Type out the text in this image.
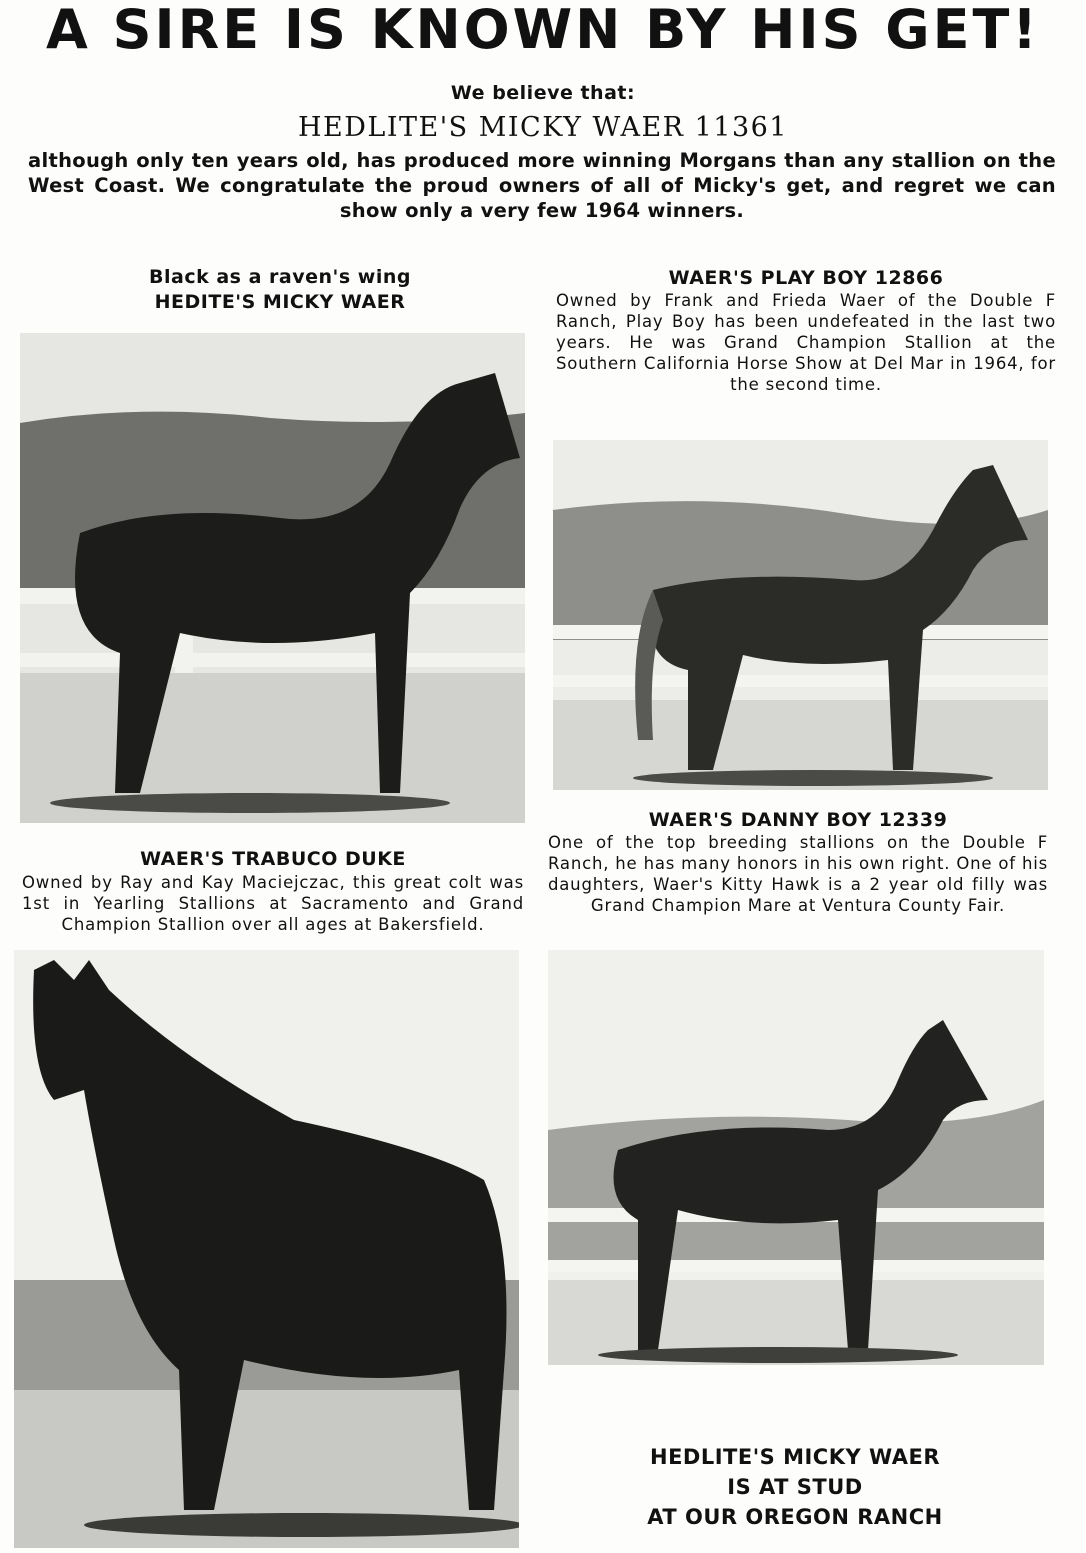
A SIRE IS KNOWN BY HIS GET!
We believe that:
HEDLITE'S MICKY WAER 11361
although only ten years old, has produced more winning Morgans than any stallion on the West Coast. We congratulate the proud owners of all of Micky's get, and regret we can show only a very few 1964 winners.
Black as a raven's wing
HEDITE'S MICKY WAER
WAER'S PLAY BOY 12866
Owned by Frank and Frieda Waer of the Double F Ranch, Play Boy has been undefeated in the last two years. He was Grand Champion Stallion at the Southern California Horse Show at Del Mar in 1964, for the second time.
WAER'S DANNY BOY 12339
One of the top breeding stallions on the Double F Ranch, he has many honors in his own right. One of his daughters, Waer's Kitty Hawk is a 2 year old filly was Grand Champion Mare at Ventura County Fair.
WAER'S TRABUCO DUKE
Owned by Ray and Kay Maciejczac, this great colt was 1st in Yearling Stallions at Sacramento and Grand Champion Stallion over all ages at Bakersfield.
HEDLITE'S MICKY WAER
IS AT STUD
AT OUR OREGON RANCH
